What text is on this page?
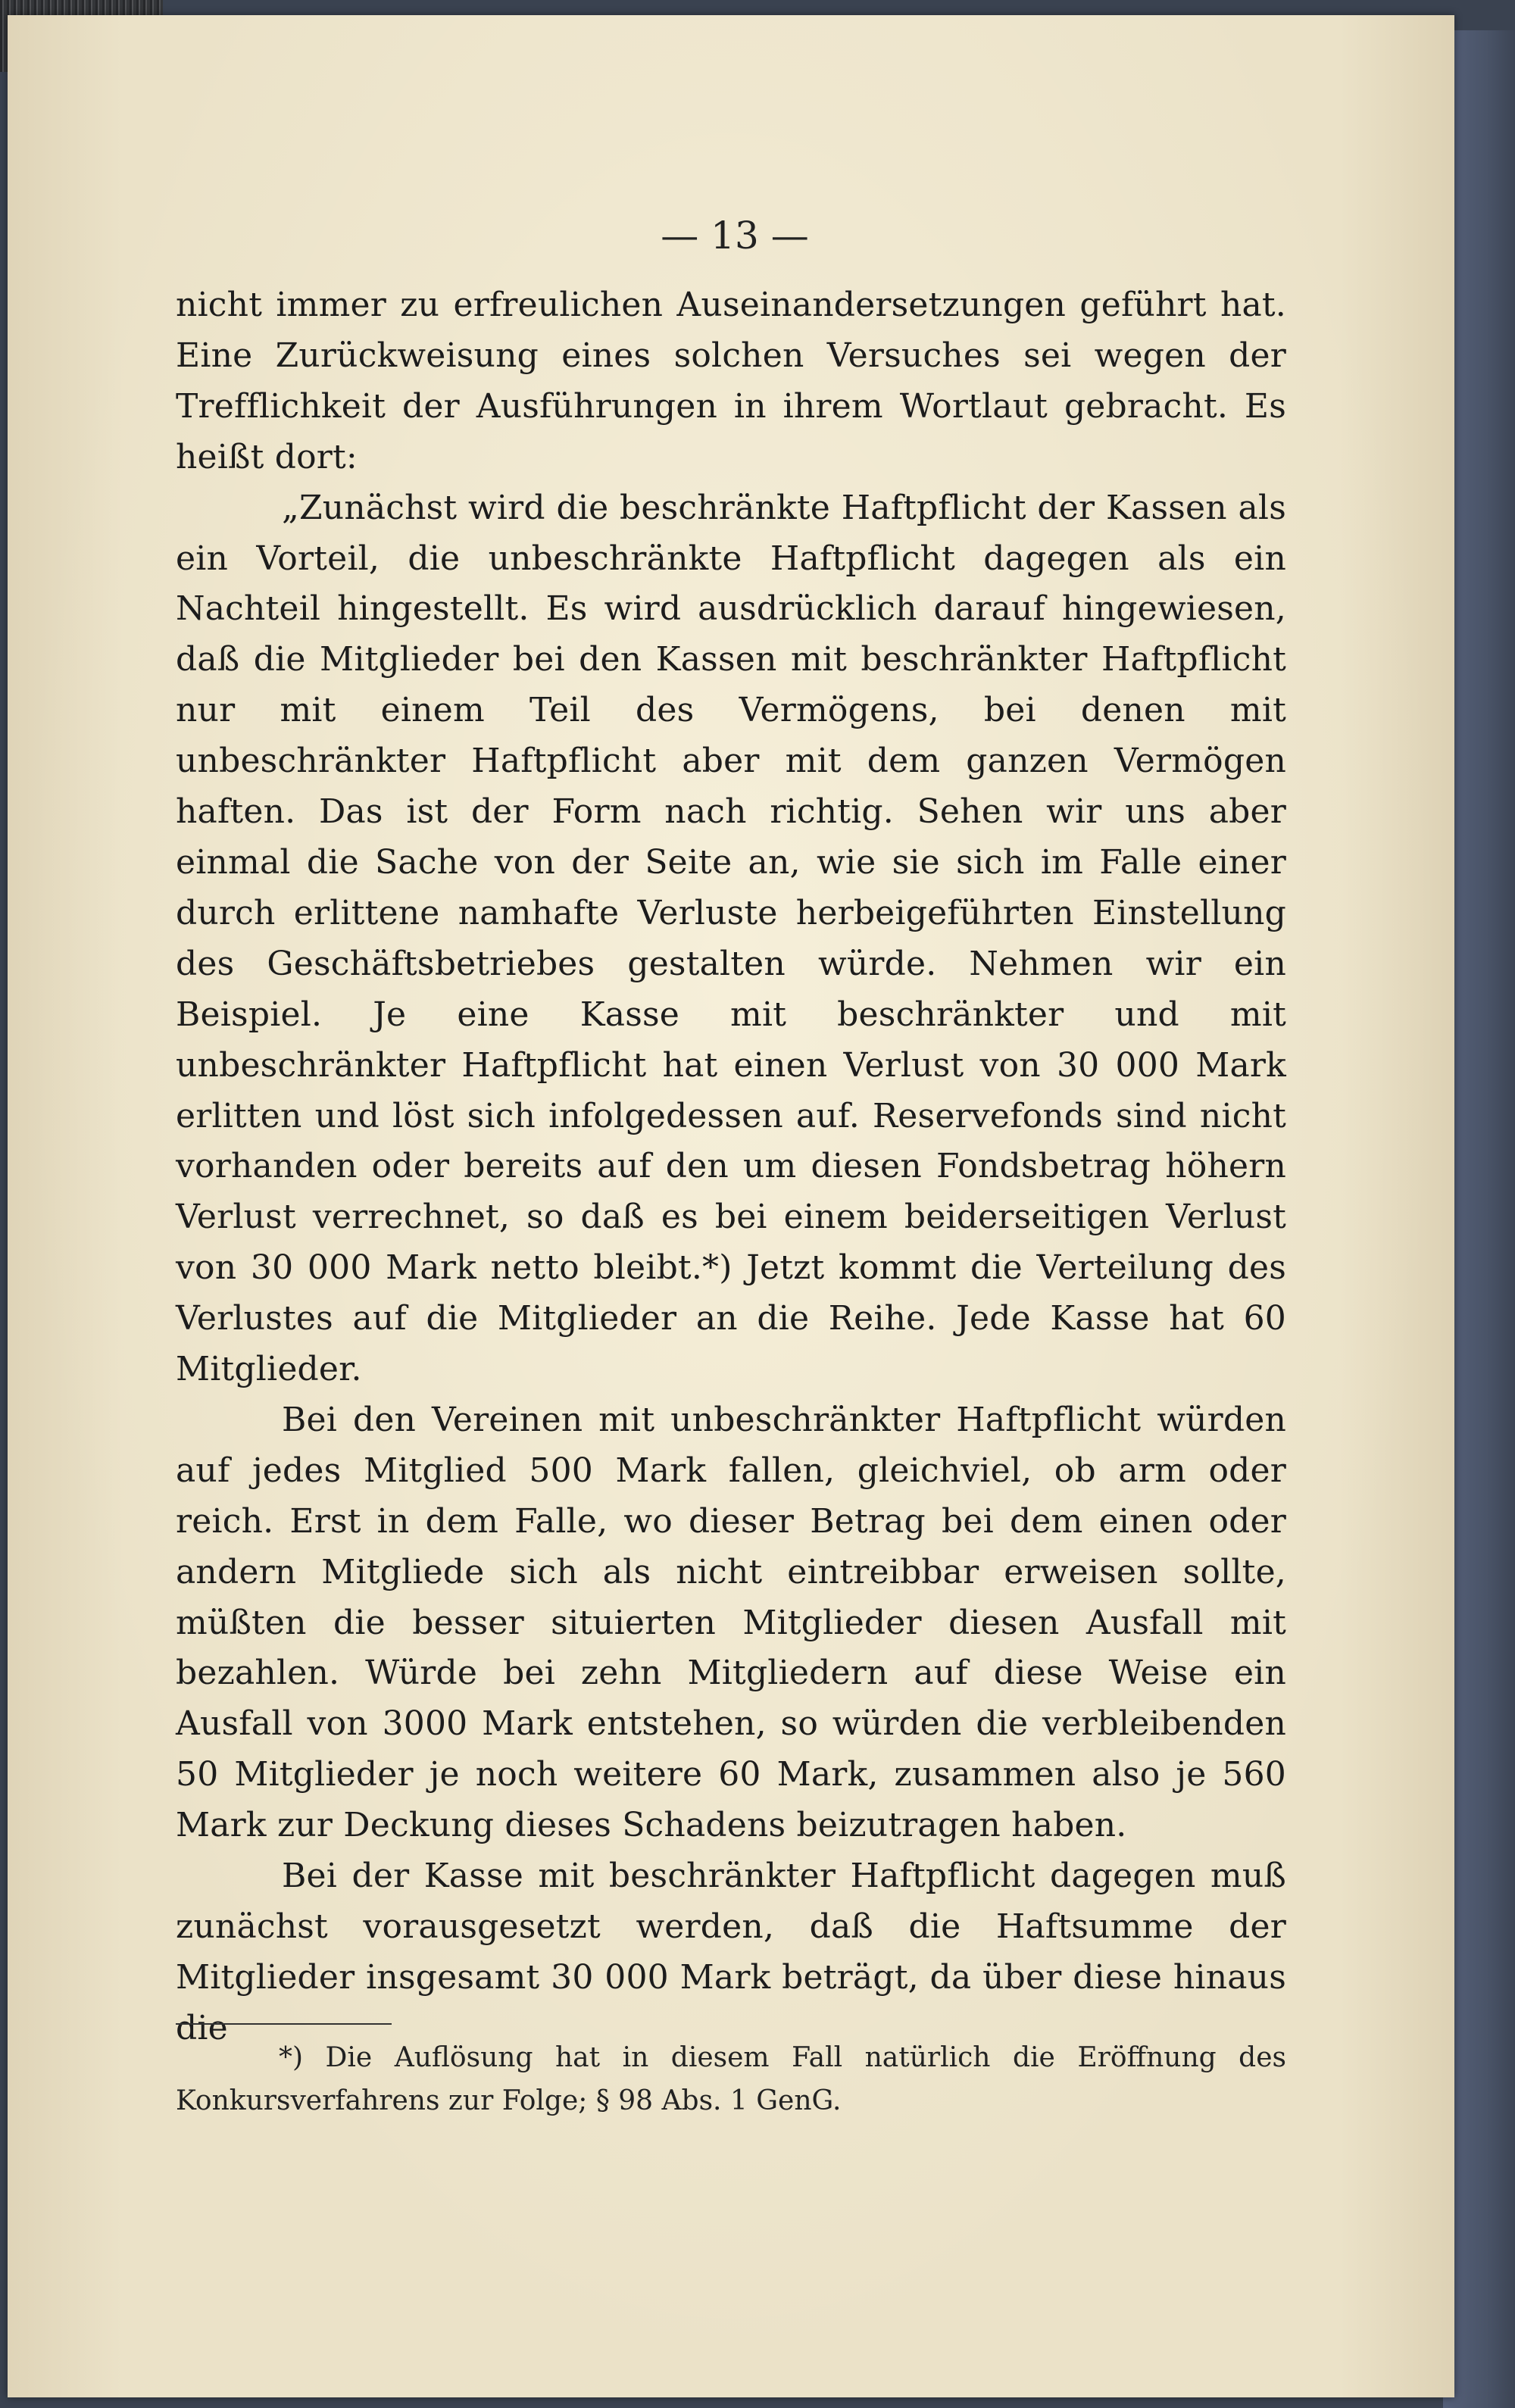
— 13 —

nicht immer zu erfreulichen Auseinandersetzungen geführt hat. Eine Zurückweisung eines solchen Versuches sei wegen der Trefflichkeit der Ausführungen in ihrem Wortlaut gebracht. Es heißt dort:

„Zunächst wird die beschränkte Haftpflicht der Kassen als ein Vorteil, die unbeschränkte Haftpflicht dagegen als ein Nachteil hingestellt. Es wird ausdrücklich darauf hingewiesen, daß die Mitglieder bei den Kassen mit beschränkter Haftpflicht nur mit einem Teil des Vermögens, bei denen mit unbeschränkter Haftpflicht aber mit dem ganzen Vermögen haften. Das ist der Form nach richtig. Sehen wir uns aber einmal die Sache von der Seite an, wie sie sich im Falle einer durch erlittene namhafte Verluste herbeigeführten Einstellung des Geschäftsbetriebes gestalten würde. Nehmen wir ein Beispiel. Je eine Kasse mit beschränkter und mit unbeschränkter Haftpflicht hat einen Verlust von 30 000 Mark erlitten und löst sich infolgedessen auf. Reservefonds sind nicht vorhanden oder bereits auf den um diesen Fondsbetrag höhern Verlust verrechnet, so daß es bei einem beiderseitigen Verlust von 30 000 Mark netto bleibt.*) Jetzt kommt die Verteilung des Verlustes auf die Mitglieder an die Reihe. Jede Kasse hat 60 Mitglieder.

Bei den Vereinen mit unbeschränkter Haftpflicht würden auf jedes Mitglied 500 Mark fallen, gleichviel, ob arm oder reich. Erst in dem Falle, wo dieser Betrag bei dem einen oder andern Mitgliede sich als nicht eintreibbar erweisen sollte, müßten die besser situierten Mitglieder diesen Ausfall mit bezahlen. Würde bei zehn Mitgliedern auf diese Weise ein Ausfall von 3000 Mark entstehen, so würden die verbleibenden 50 Mitglieder je noch weitere 60 Mark, zusammen also je 560 Mark zur Deckung dieses Schadens beizutragen haben.

Bei der Kasse mit beschränkter Haftpflicht dagegen muß zunächst vorausgesetzt werden, daß die Haftsumme der Mitglieder insgesamt 30 000 Mark beträgt, da über diese hinaus die

*) Die Auflösung hat in diesem Fall natürlich die Eröffnung des Konkursverfahrens zur Folge; § 98 Abs. 1 GenG.
